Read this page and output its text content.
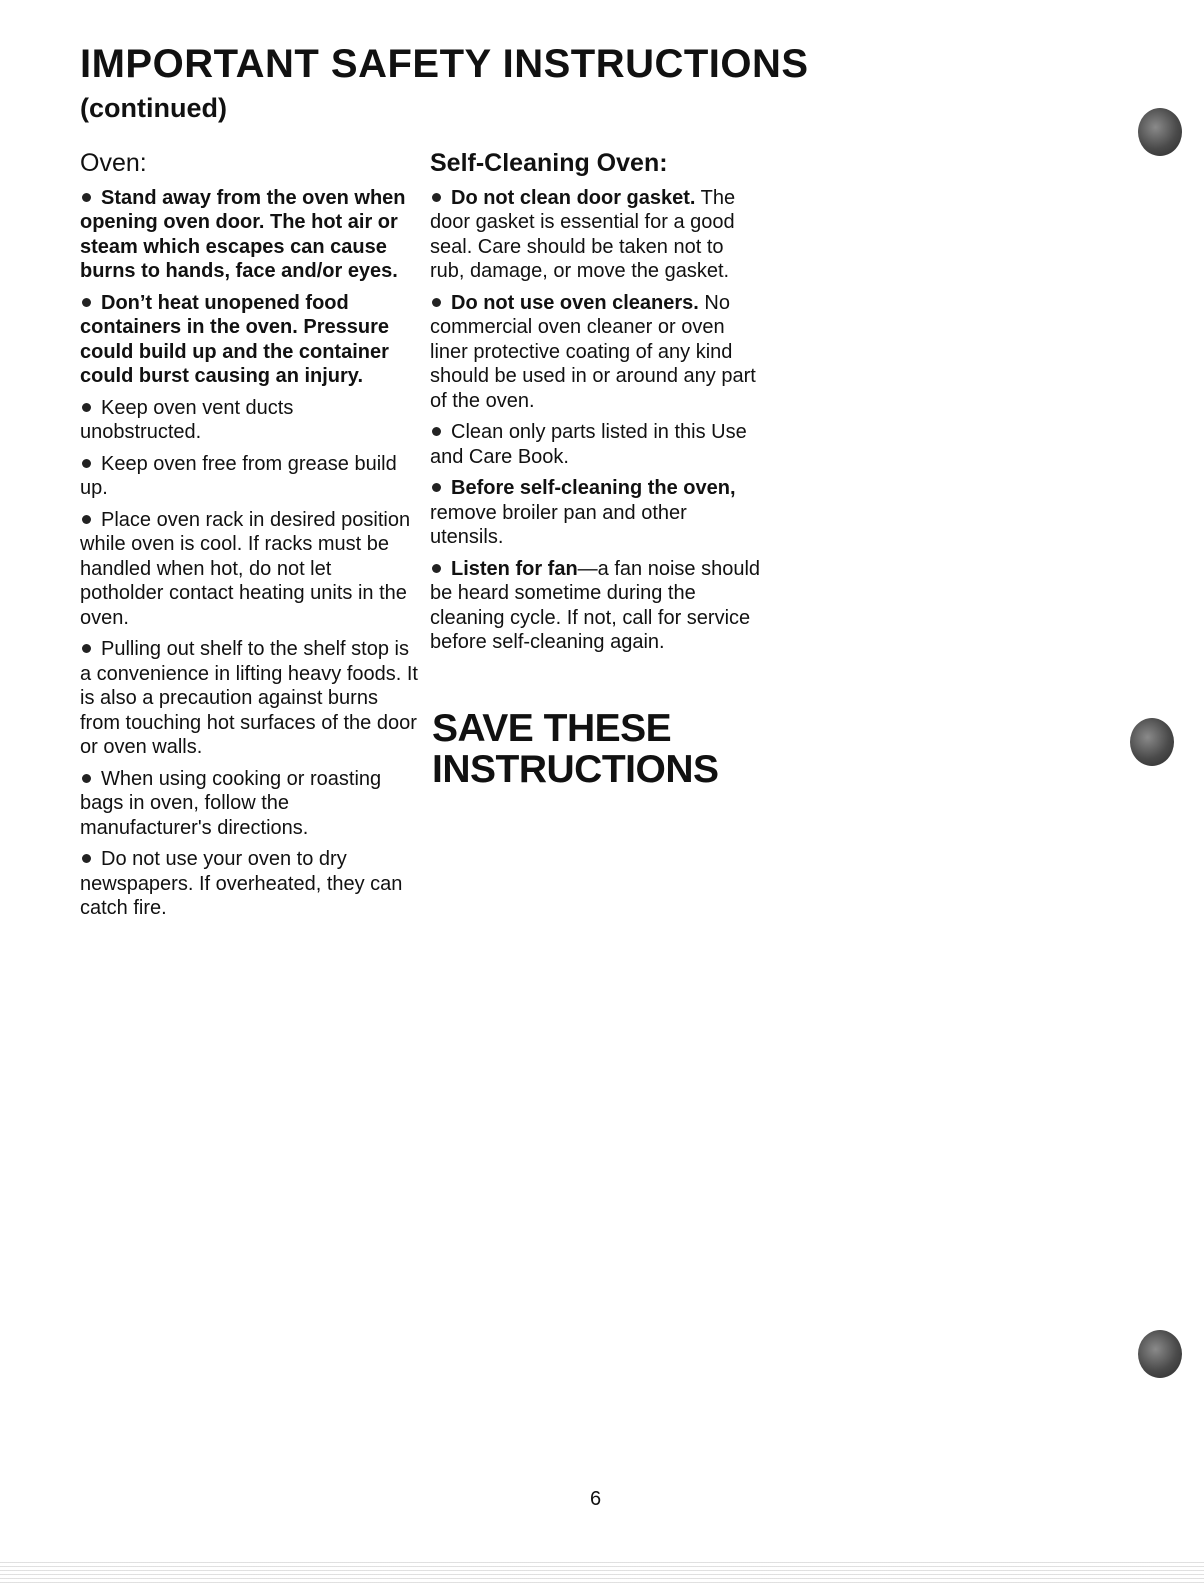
IMPORTANT SAFETY INSTRUCTIONS
(continued)
Oven:
Stand away from the oven when opening oven door. The hot air or steam which escapes can cause burns to hands, face and/or eyes.
Don’t heat unopened food containers in the oven. Pressure could build up and the container could burst causing an injury.
Keep oven vent ducts unobstructed.
Keep oven free from grease build up.
Place oven rack in desired position while oven is cool. If racks must be handled when hot, do not let potholder contact heating units in the oven.
Pulling out shelf to the shelf stop is a convenience in lifting heavy foods. It is also a precaution against burns from touching hot surfaces of the door or oven walls.
When using cooking or roasting bags in oven, follow the manufacturer's directions.
Do not use your oven to dry newspapers. If overheated, they can catch fire.
Self-Cleaning Oven:
Do not clean door gasket. The door gasket is essential for a good seal. Care should be taken not to rub, damage, or move the gasket.
Do not use oven cleaners. No commercial oven cleaner or oven liner protective coating of any kind should be used in or around any part of the oven.
Clean only parts listed in this Use and Care Book.
Before self-cleaning the oven, remove broiler pan and other utensils.
Listen for fan—a fan noise should be heard sometime during the cleaning cycle. If not, call for service before self-cleaning again.
SAVE THESE
INSTRUCTIONS
6
